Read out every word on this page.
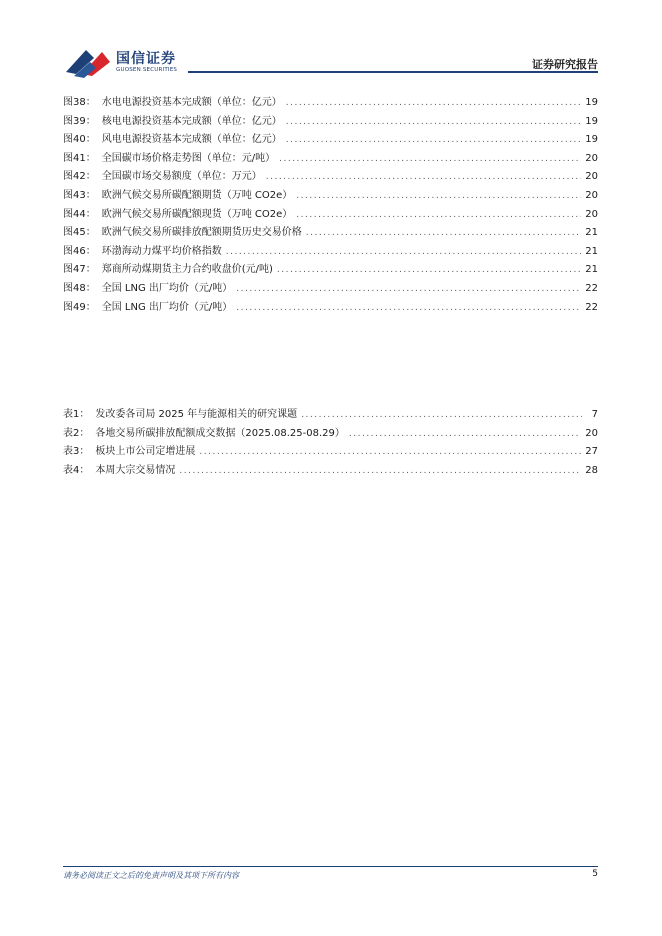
国信证券
GUOSEN SECURITIES	证券研究报告
图38： 水电电源投资基本完成额（单位：亿元） .....	19
图39： 核电电源投资基本完成额（单位：亿元） .....	19
图40： 风电电源投资基本完成额（单位：亿元） .....	19
图41： 全国碳市场价格走势图（单位：元/吨） .....	20
图42： 全国碳市场交易额度（单位：万元） .....	20
图43： 欧洲气候交易所碳配额期货（万吨 CO2e） .....	20
图44： 欧洲气候交易所碳配额现货（万吨 CO2e） .....	20
图45： 欧洲气候交易所碳排放配额期货历史交易价格 .....	21
图46： 环渤海动力煤平均价格指数 .....	21
图47： 郑商所动煤期货主力合约收盘价(元/吨) .....	21
图48： 全国 LNG 出厂均价（元/吨） .....	22
图49： 全国 LNG 出厂均价（元/吨） .....	22
表1： 发改委各司局 2025 年与能源相关的研究课题 .....	7
表2： 各地交易所碳排放配额成交数据（2025.08.25-08.29） .....	20
表3： 板块上市公司定增进展 .....	27
表4： 本周大宗交易情况 .....	28
请务必阅读正文之后的免责声明及其项下所有内容	5
